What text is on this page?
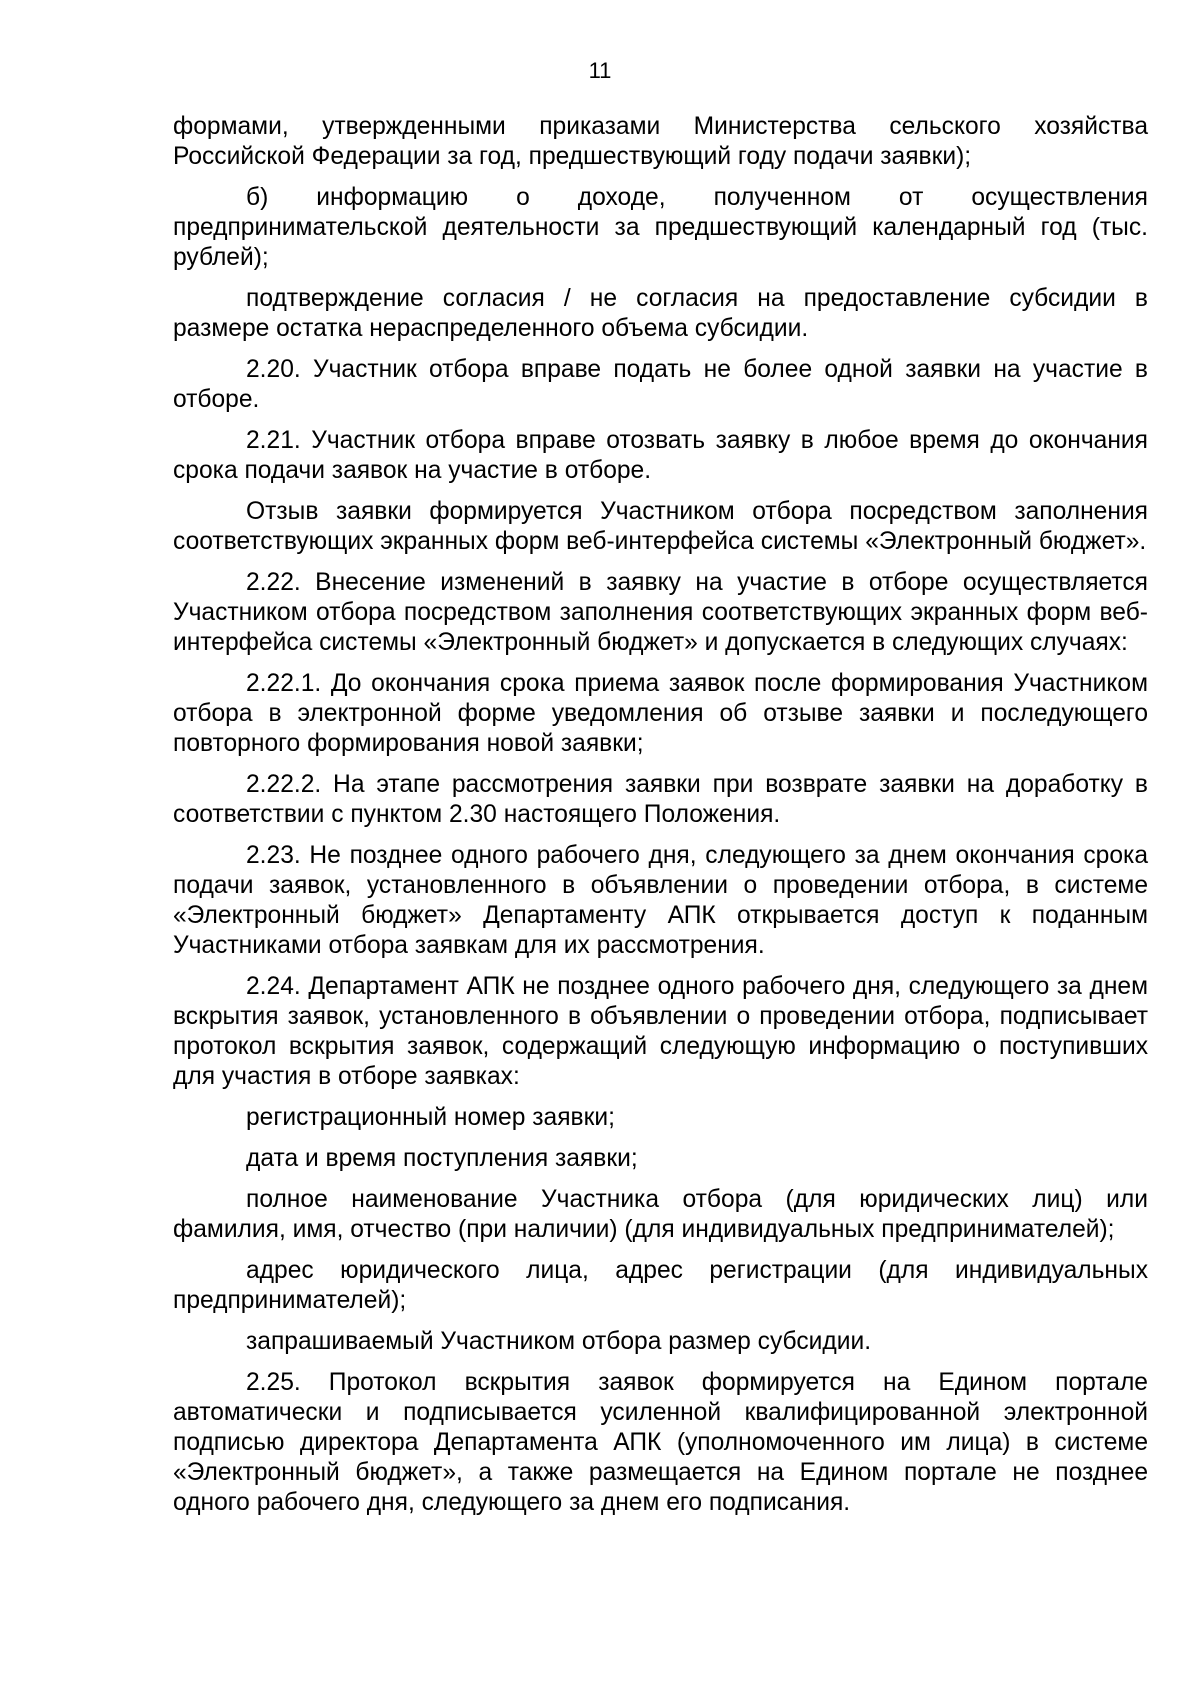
11

формами, утвержденными приказами Министерства сельского хозяйства Российской Федерации за год, предшествующий году подачи заявки);

б) информацию о доходе, полученном от осуществления предпринимательской деятельности за предшествующий календарный год (тыс. рублей);

подтверждение согласия / не согласия на предоставление субсидии в размере остатка нераспределенного объема субсидии.

2.20. Участник отбора вправе подать не более одной заявки на участие в отборе.

2.21. Участник отбора вправе отозвать заявку в любое время до окончания срока подачи заявок на участие в отборе.

Отзыв заявки формируется Участником отбора посредством заполнения соответствующих экранных форм веб-интерфейса системы «Электронный бюджет».

2.22. Внесение изменений в заявку на участие в отборе осуществляется Участником отбора посредством заполнения соответствующих экранных форм веб-интерфейса системы «Электронный бюджет» и допускается в следующих случаях:

2.22.1. До окончания срока приема заявок после формирования Участником отбора в электронной форме уведомления об отзыве заявки и последующего повторного формирования новой заявки;

2.22.2. На этапе рассмотрения заявки при возврате заявки на доработку в соответствии с пунктом 2.30 настоящего Положения.

2.23. Не позднее одного рабочего дня, следующего за днем окончания срока подачи заявок, установленного в объявлении о проведении отбора, в системе «Электронный бюджет» Департаменту АПК открывается доступ к поданным Участниками отбора заявкам для их рассмотрения.

2.24. Департамент АПК не позднее одного рабочего дня, следующего за днем вскрытия заявок, установленного в объявлении о проведении отбора, подписывает протокол вскрытия заявок, содержащий следующую информацию о поступивших для участия в отборе заявках:

регистрационный номер заявки;

дата и время поступления заявки;

полное наименование Участника отбора (для юридических лиц) или фамилия, имя, отчество (при наличии) (для индивидуальных предпринимателей);

адрес юридического лица, адрес регистрации (для индивидуальных предпринимателей);

запрашиваемый Участником отбора размер субсидии.

2.25. Протокол вскрытия заявок формируется на Едином портале автоматически и подписывается усиленной квалифицированной электронной подписью директора Департамента АПК (уполномоченного им лица) в системе «Электронный бюджет», а также размещается на Едином портале не позднее одного рабочего дня, следующего за днем его подписания.
